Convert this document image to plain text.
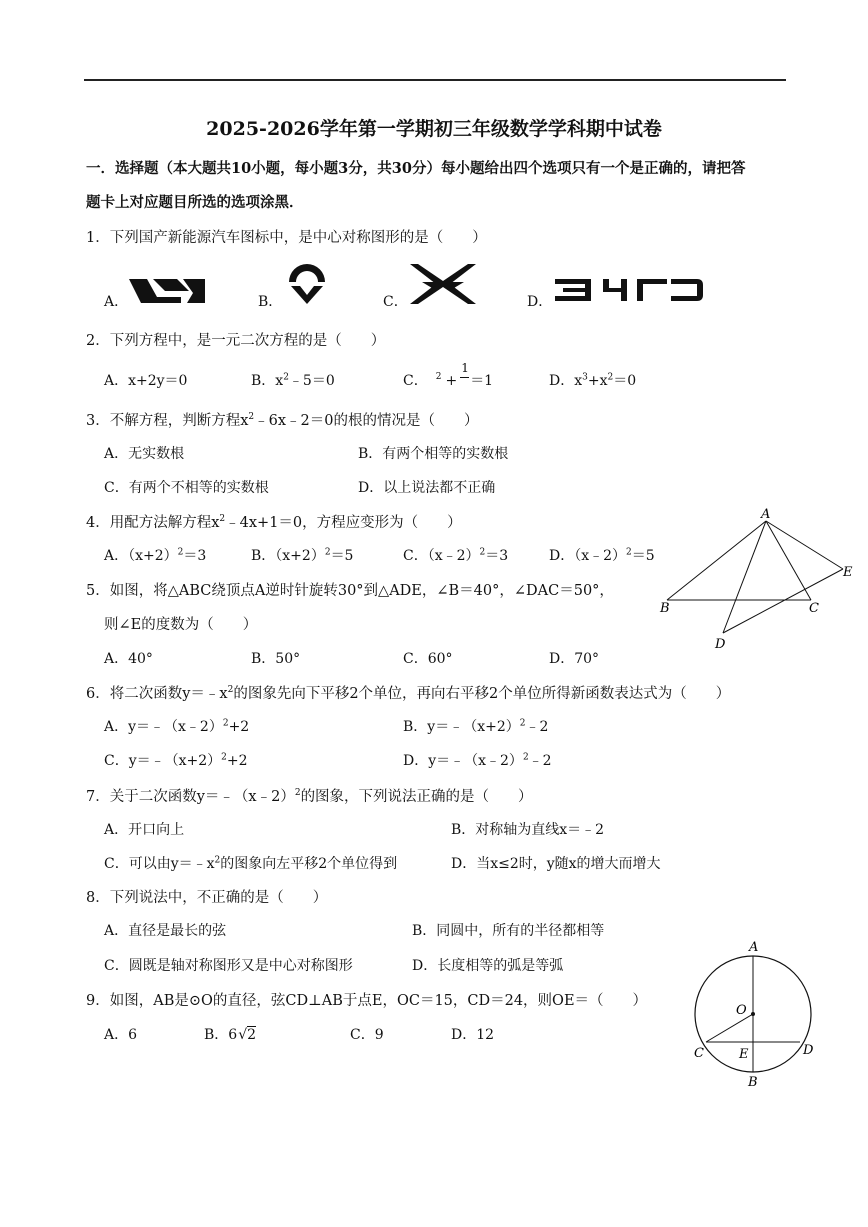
2025-2026学年第一学期初三年级数学学科期中试卷
一．选择题（本大题共10小题，每小题3分，共30分）每小题给出四个选项只有一个是正确的，请把答
题卡上对应题目所选的选项涂黑．
1．下列国产新能源汽车图标中，是中心对称图形的是（　　）
A．	B．	C．	D．
2．下列方程中，是一元二次方程的是（　　）
A．x+2y＝0	B．$x^2﹣5=0$	C． $^2$ +
1
＝1	D．$x^3+x^2=0$
3．不解方程，判断方程$x^2﹣6x﹣2=0$的根的情况是（　　）
A．无实数根	B．有两个相等的实数根
C．有两个不相等的实数根	D．以上说法都不正确
4．用配方法解方程$x^2﹣4x+1=0$，方程应变形为（　　）
A．$(x+2)^2=3$	B．$(x+2)^2=5$	C．（x﹣2）$^2$＝3	D．（x﹣2）$^2$＝5
A
B	C
D
E
5．如图，将△ABC绕顶点A逆时针旋转30°到△ADE，∠B＝40°，∠DAC＝50°，
则∠E的度数为（　　）
A．40°	B．50°	C．60°	D．70°
6．将二次函数$y=﹣x^2$的图象先向下平移2个单位，再向右平移2个单位所得新函数表达式为（　　）
A．y＝﹣（x﹣2）$^2$+2	B．$y=﹣(x+2)^2﹣2$
C．$y=﹣(x+2)^2+2$	D．y＝﹣（x﹣2）$^2$﹣2
7．关于二次函数y＝﹣（x﹣2）$^2$的图象，下列说法正确的是（　　）
A．开口向上	B．对称轴为直线x＝﹣2
C．可以由$y=﹣x^2$的图象向左平移2个单位得到	D．当x≤2时，y随x的增大而增大
8．下列说法中，不正确的是（　　）
A．直径是最长的弦	B．同圆中，所有的半径都相等
C．圆既是轴对称图形又是中心对称图形	D．长度相等的弧是等弧
A
O
C	E	D
B
9．如图，AB是⊙O的直径，弦CD⊥AB于点E，OC＝15，CD＝24，则OE＝（　　）
A．6	B．6√2	C．9	D．12
